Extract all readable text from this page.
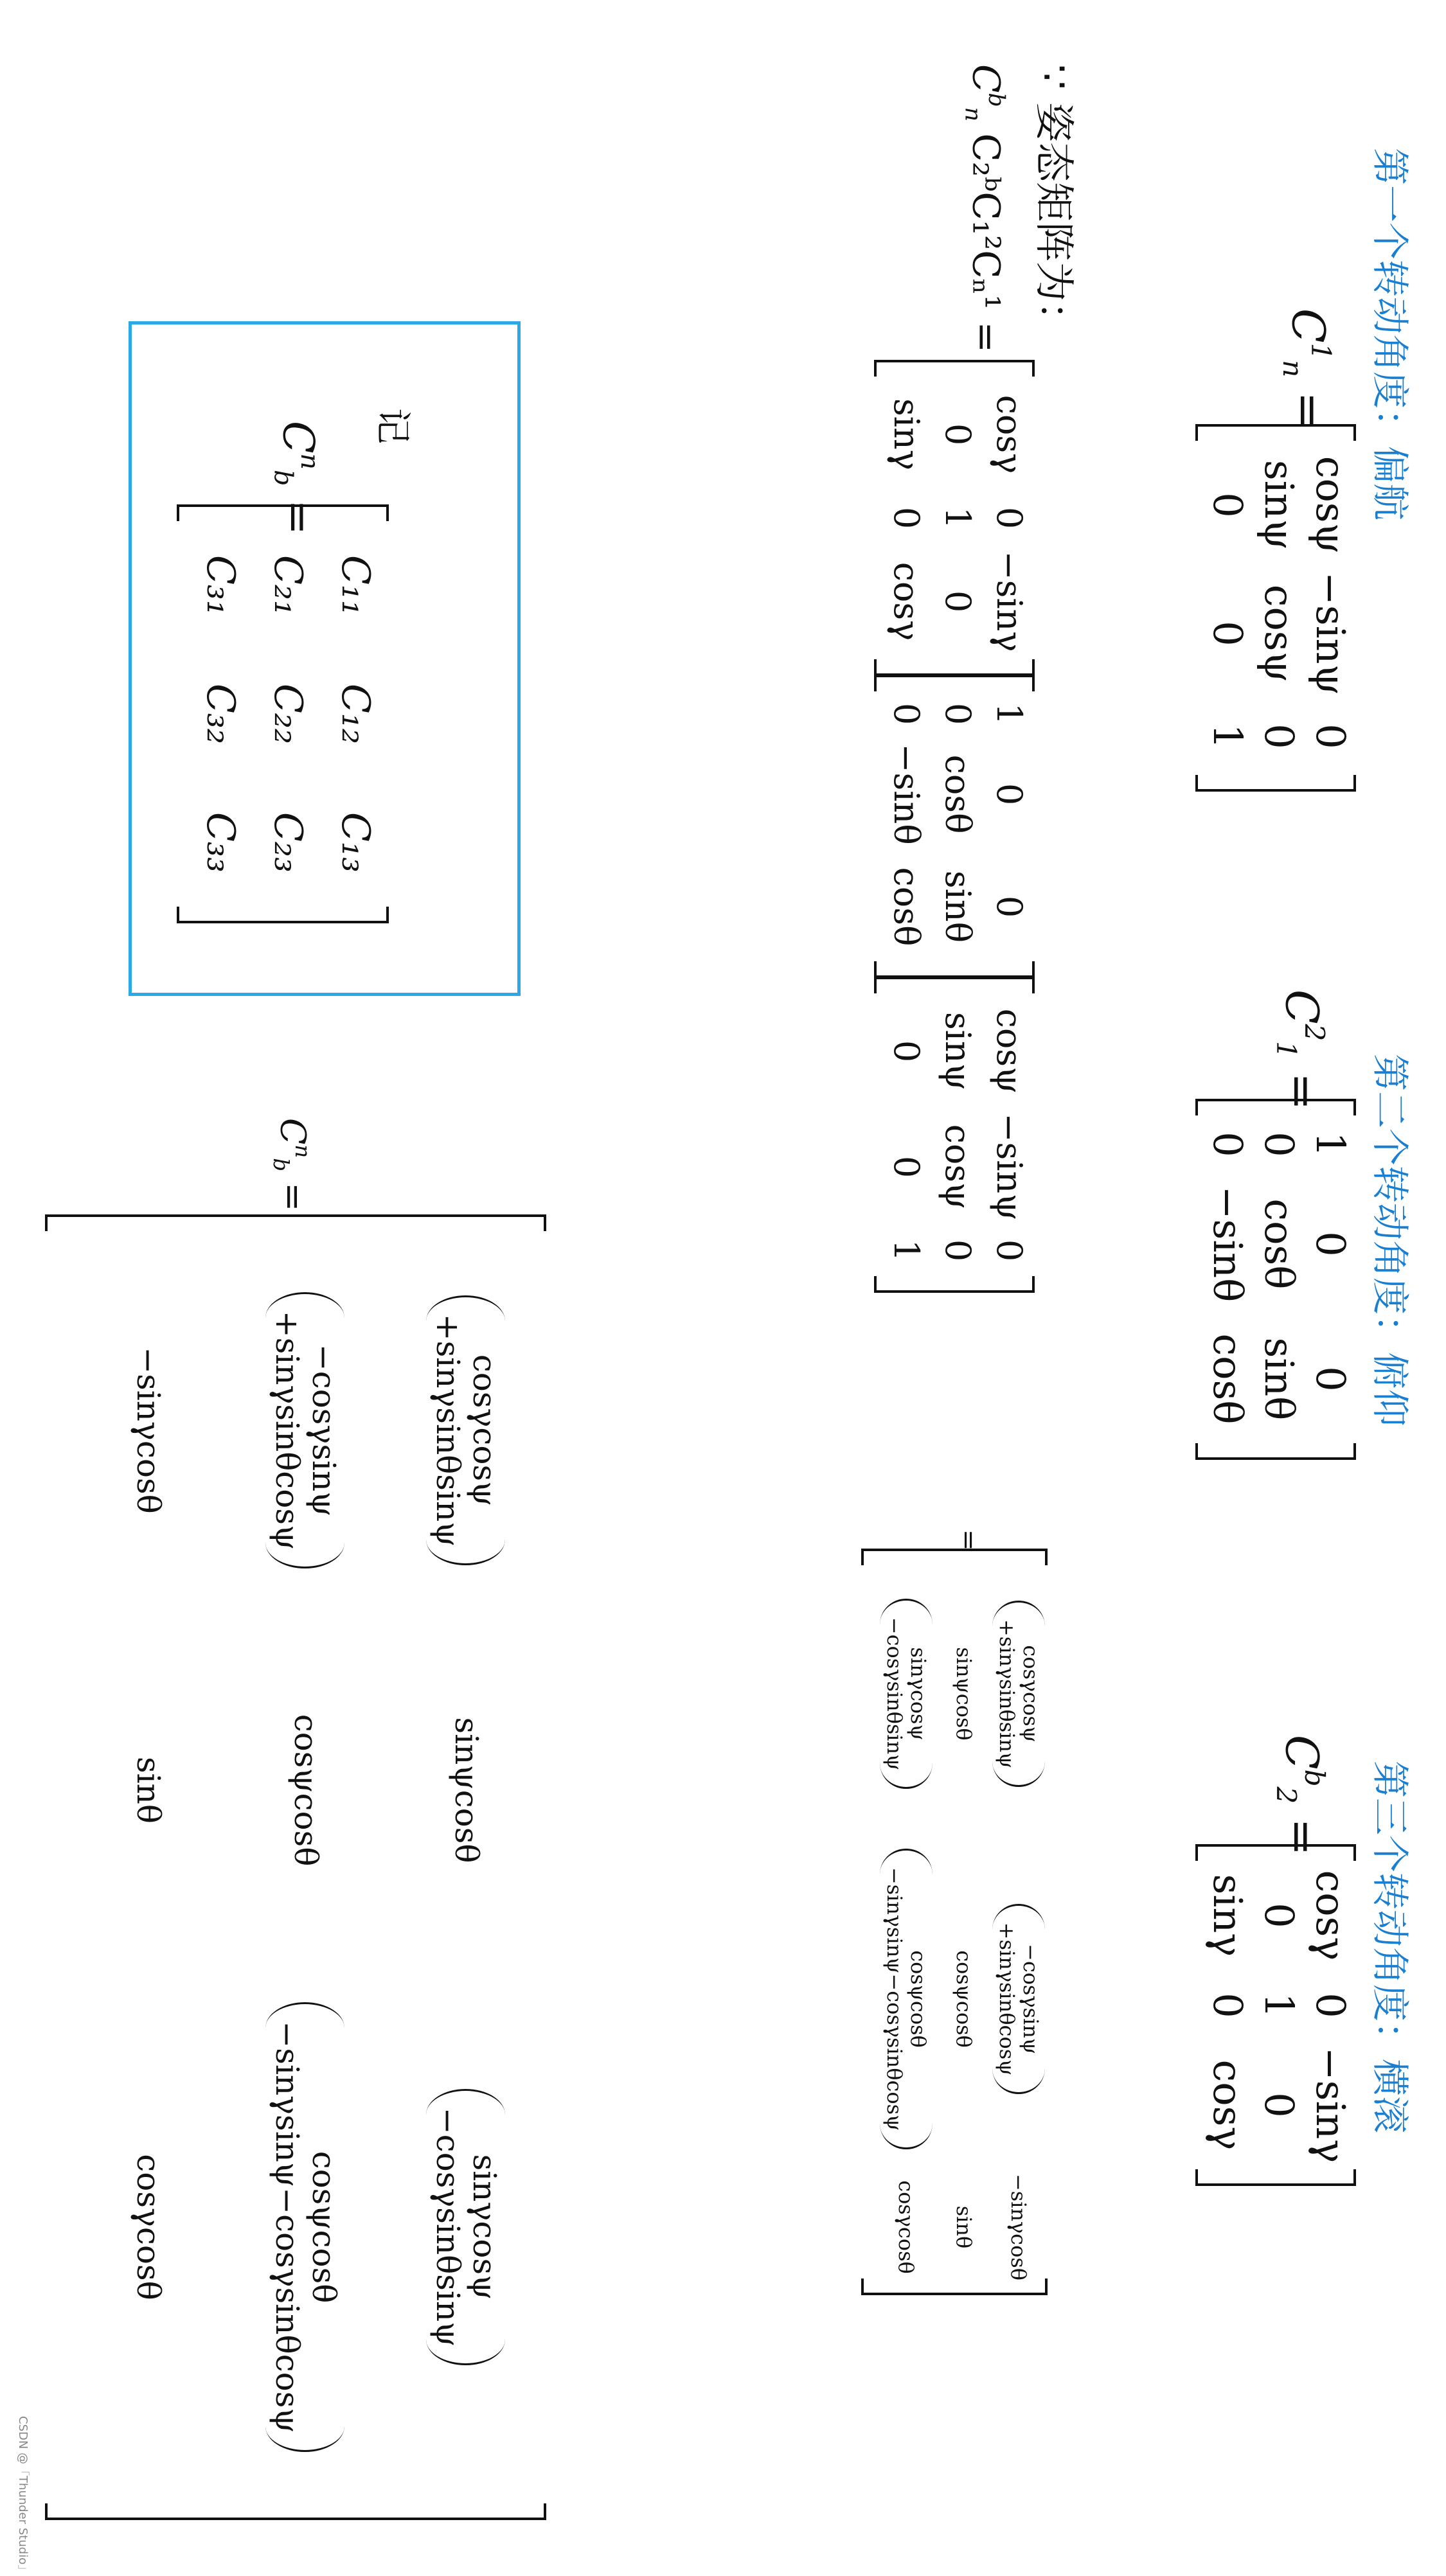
第一个转动角度：偏航
第二个转动角度：俯仰
第三个转动角度：横滚
$C^1_n$ =
cosψ
−sinψ
0
sinψ
cosψ
0
0
0
1
$C^2_1$ =
1
0
0
0
cosθ
sinθ
0
−sinθ
cosθ
$C^b_2$ =
cosγ
0
−sinγ
0
1
0
sinγ
0
cosγ
∵ 姿态矩阵为：
$C^b_n$ C₂ᵇC₁²Cₙ¹ =
cosγ
0
−sinγ
0
1
0
sinγ
0
cosγ
1
0
0
0
cosθ
sinθ
0
−sinθ
cosθ
cosψ
−sinψ
0
sinψ
cosψ
0
0
0
1
=
cosγcosψ
+sinγsinθsinψ
−cosγsinψ
+sinγsinθcosψ
−sinγcosθ
sinψcosθ
cosψcosθ
sinθ
sinγcosψ
−cosγsinθsinψ
cosψcosθ
−sinγsinψ−cosγsinθcosψ
cosγcosθ
记
$C^n_b$ =
C₁₁
C₁₂
C₁₃
C₂₁
C₂₂
C₂₃
C₃₁
C₃₂
C₃₃
$C^n_b$ =
cosγcosψ
+sinγsinθsinψ
sinψcosθ
sinγcosψ
−cosγsinθsinψ
−cosγsinψ
+sinγsinθcosψ
cosψcosθ
cosψcosθ
−sinγsinψ−cosγsinθcosψ
−sinγcosθ
sinθ
cosγcosθ
CSDN @「Thunder Studio」
